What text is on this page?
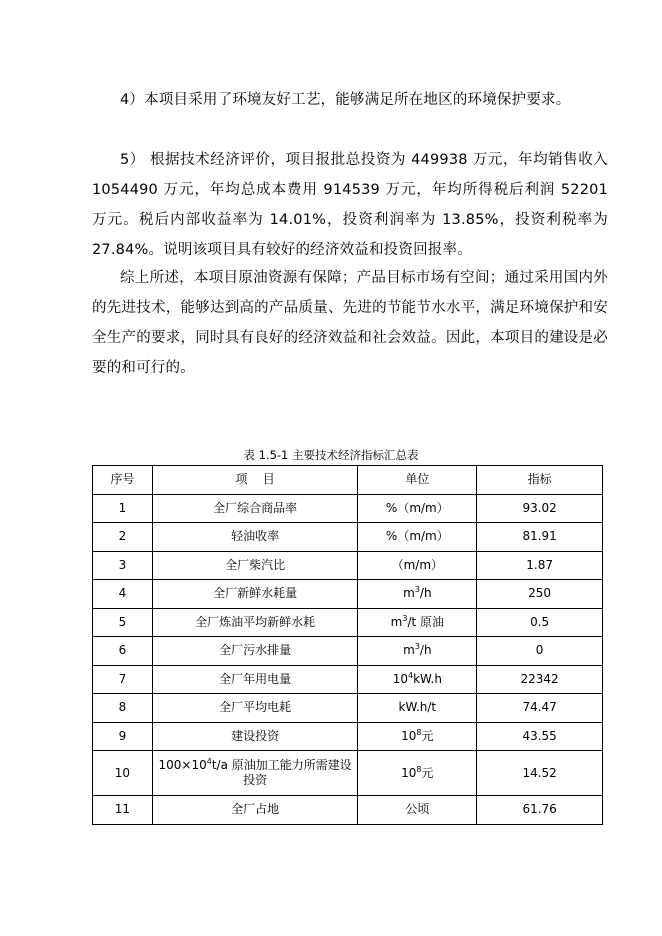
4）本项目采用了环境友好工艺，能够满足所在地区的环境保护要求。

5） 根据技术经济评价，项目报批总投资为 449938 万元，年均销售收入 1054490 万元，年均总成本费用 914539 万元，年均所得税后利润 52201 万元。税后内部收益率为 14.01%，投资利润率为 13.85%，投资利税率为 27.84%。说明该项目具有较好的经济效益和投资回报率。

综上所述，本项目原油资源有保障；产品目标市场有空间；通过采用国内外的先进技术，能够达到高的产品质量、先进的节能节水水平，满足环境保护和安全生产的要求，同时具有良好的经济效益和社会效益。因此，本项目的建设是必要的和可行的。

表 1.5-1 主要技术经济指标汇总表
序号	项    目	单位	指标
1	全厂综合商品率	%（m/m）	93.02
2	轻油收率	%（m/m）	81.91
3	全厂柴汽比	（m/m）	1.87
4	全厂新鲜水耗量	$m^3/h$	250
5	全厂炼油平均新鲜水耗	$m^3/t$ 原油	0.5
6	全厂污水排量	$m^3/h$	0
7	全厂年用电量	$10^4kW.h$	22342
8	全厂平均电耗	kW.h/t	74.47
9	建设投资	$10^8$元	43.55
10	$100\times 10^4t/a$ 原油加工能力所需建设投资	$10^8$元	14.52
11	全厂占地	公顷	61.76
